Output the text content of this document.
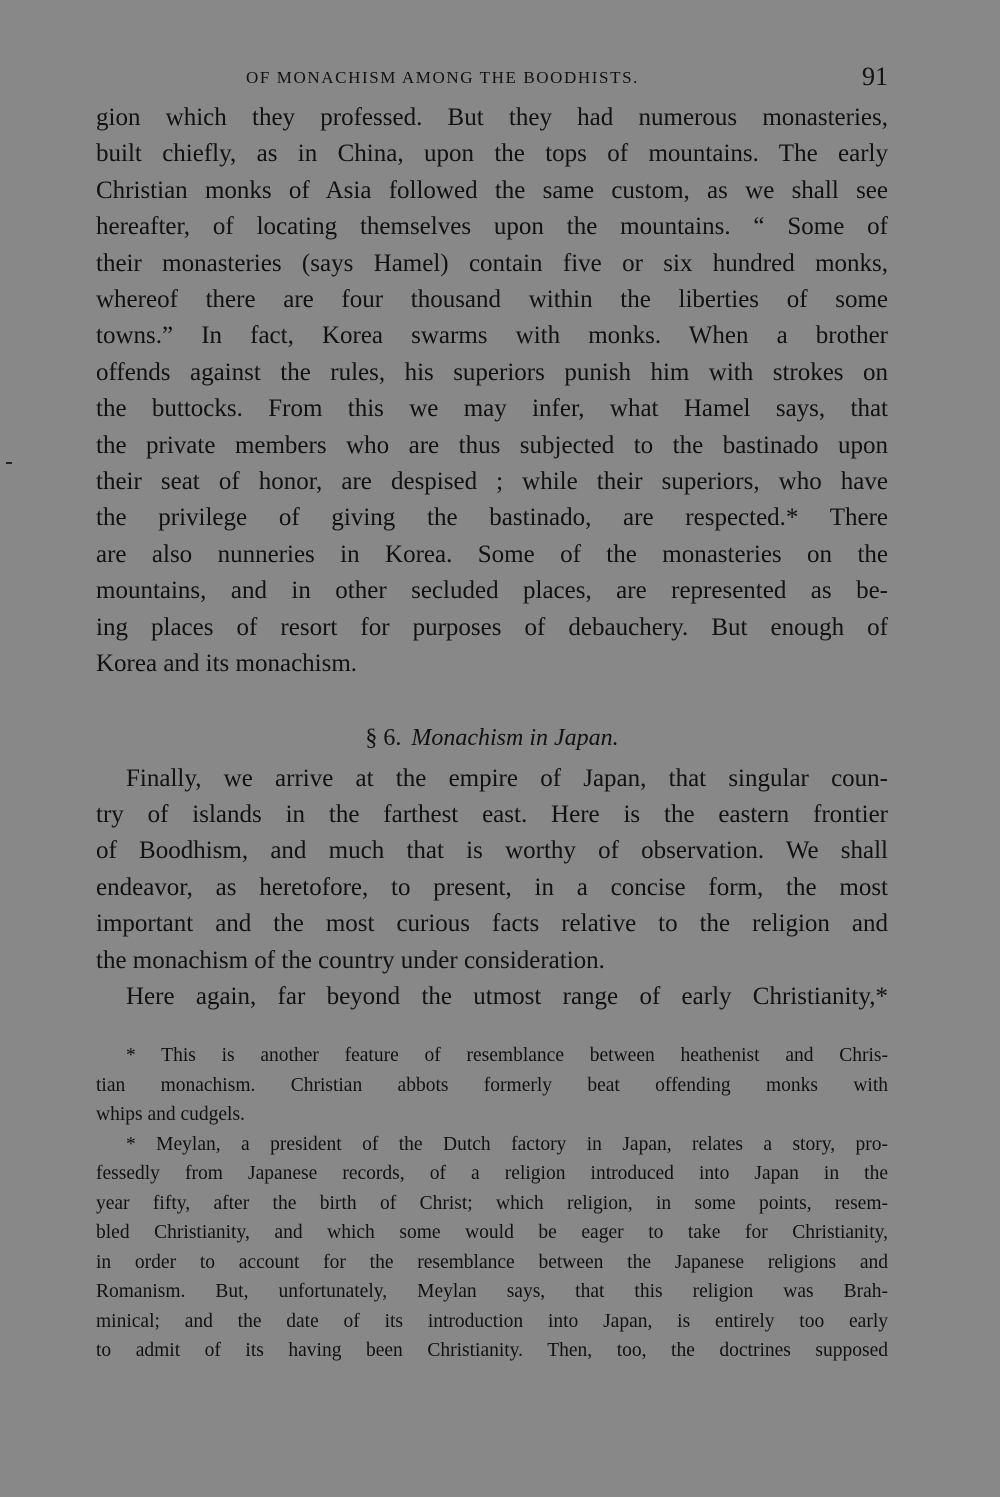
OF MONACHISM AMONG THE BOODHISTS.	91
gion which they professed. But they had numerous monasteries,
built chiefly, as in China, upon the tops of mountains. The early
Christian monks of Asia followed the same custom, as we shall see
hereafter, of locating themselves upon the mountains. “ Some of
their monasteries (says Hamel) contain five or six hundred monks,
whereof there are four thousand within the liberties of some
towns.” In fact, Korea swarms with monks. When a brother
offends against the rules, his superiors punish him with strokes on
the buttocks. From this we may infer, what Hamel says, that
the private members who are thus subjected to the bastinado upon
their seat of honor, are despised ; while their superiors, who have
the privilege of giving the bastinado, are respected.* There
are also nunneries in Korea. Some of the monasteries on the
mountains, and in other secluded places, are represented as be-
ing places of resort for purposes of debauchery. But enough of
Korea and its monachism.
§ 6. Monachism in Japan.
Finally, we arrive at the empire of Japan, that singular coun-
try of islands in the farthest east. Here is the eastern frontier
of Boodhism, and much that is worthy of observation. We shall
endeavor, as heretofore, to present, in a concise form, the most
important and the most curious facts relative to the religion and
the monachism of the country under consideration.
Here again, far beyond the utmost range of early Christianity,*
* This is another feature of resemblance between heathenist and Chris-
tian monachism. Christian abbots formerly beat offending monks with
whips and cudgels.
* Meylan, a president of the Dutch factory in Japan, relates a story, pro-
fessedly from Japanese records, of a religion introduced into Japan in the
year fifty, after the birth of Christ; which religion, in some points, resem-
bled Christianity, and which some would be eager to take for Christianity,
in order to account for the resemblance between the Japanese religions and
Romanism. But, unfortunately, Meylan says, that this religion was Brah-
minical; and the date of its introduction into Japan, is entirely too early
to admit of its having been Christianity. Then, too, the doctrines supposed
